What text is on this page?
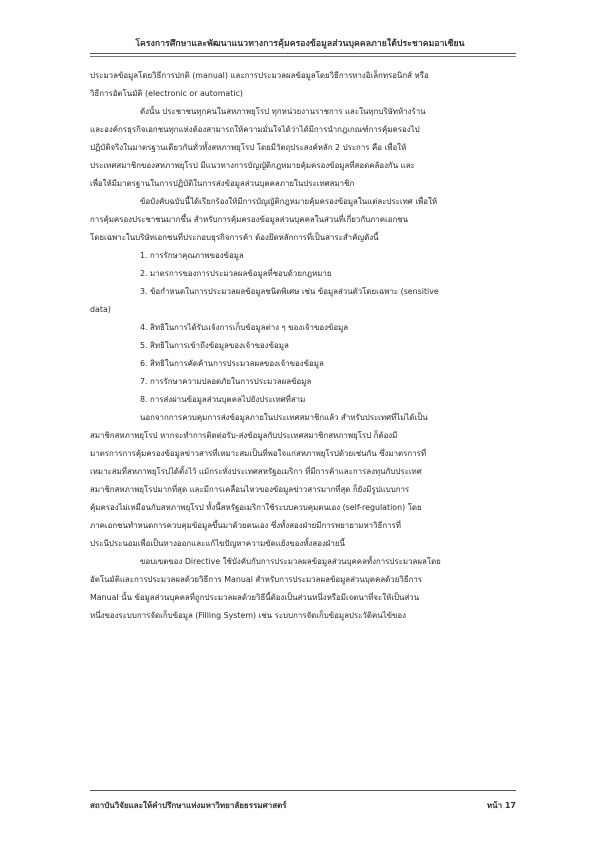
โครงการศึกษาและพัฒนาแนวทางการคุ้มครองข้อมูลส่วนบุคคลภายใต้ประชาคมอาเซียน
ประมวลข้อมูลโดยวิธีการปกติ (manual) และการประมวลผลข้อมูลโดยวิธีการทางอิเล็กทรอนิกส์ หรือ
วิธีการอัตโนมัติ (electronic or automatic)
ดังนั้น ประชาชนทุกคนในสหภาพยุโรป ทุกหน่วยงานราชการ และในทุกบริษัทห้างร้าน
และองค์กรธุรกิจเอกชนทุกแห่งต้องสามารถให้ความมั่นใจได้ว่าได้มีการนำกฎเกณฑ์การคุ้มครองไป
ปฏิบัติจริงในมาตรฐานเดียวกันทั่วทั้งสหภาพยุโรป โดยมีวัตถุประสงค์หลัก 2 ประการ คือ เพื่อให้
ประเทศสมาชิกของสหภาพยุโรป มีแนวทางการบัญญัติกฎหมายคุ้มครองข้อมูลที่สอดคล้องกัน และ
เพื่อให้มีมาตรฐานในการปฏิบัติในการส่งข้อมูลส่วนบุคคลภายในประเทศสมาชิก
ข้อบังคับฉบับนี้ได้เรียกร้องให้มีการบัญญัติกฎหมายคุ้มครองข้อมูลในแต่ละประเทศ เพื่อให้
การคุ้มครองประชาชนมากขึ้น สำหรับการคุ้มครองข้อมูลส่วนบุคคลในส่วนที่เกี่ยวกับภาคเอกชน
โดยเฉพาะในบริษัทเอกชนที่ประกอบธุรกิจการค้า ต้องยึดหลักการที่เป็นสาระสำคัญดังนี้
1. การรักษาคุณภาพของข้อมูล
2. มาตรการของการประมวลผลข้อมูลที่ชอบด้วยกฎหมาย
3. ข้อกำหนดในการประมวลผลข้อมูลชนิดพิเศษ เช่น ข้อมูลส่วนตัวโดยเฉพาะ (sensitive
data)
4. สิทธิในการได้รับแจ้งการเก็บข้อมูลต่าง ๆ ของเจ้าของข้อมูล
5. สิทธิในการเข้าถึงข้อมูลของเจ้าของข้อมูล
6. สิทธิในการคัดค้านการประมวลผลของเจ้าของข้อมูล
7. การรักษาความปลอดภัยในการประมวลผลข้อมูล
8. การส่งผ่านข้อมูลส่วนบุคคลไปยังประเทศที่สาม
นอกจากการควบคุมการส่งข้อมูลภายในประเทศสมาชิกแล้ว สำหรับประเทศที่ไม่ได้เป็น
สมาชิกสหภาพยุโรป หากจะทำการติดต่อรับ-ส่งข้อมูลกับประเทศสมาชิกสหภาพยุโรป ก็ต้องมี
มาตรการการคุ้มครองข้อมูลข่าวสารที่เหมาะสมเป็นที่พอใจแก่สหภาพยุโรปด้วยเช่นกัน ซึ่งมาตรการที่
เหมาะสมที่สหภาพยุโรปได้ตั้งไว้ แม้กระทั่งประเทศสหรัฐอเมริกา ที่มีการค้าและการลงทุนกับประเทศ
สมาชิกสหภาพยุโรปมากที่สุด และมีการเคลื่อนไหวของข้อมูลข่าวสารมากที่สุด ก็ยังมีรูปแบบการ
คุ้มครองไม่เหมือนกับสหภาพยุโรป ทั้งนี้สหรัฐอเมริกาใช้ระบบควบคุมตนเอง (self-regulation) โดย
ภาคเอกชนทำหนดการควบคุมข้อมูลขึ้นมาด้วยตนเอง ซึ่งทั้งสองฝ่ายมีการพยายามหาวิธีการที่
ประนีประนอมเพื่อเป็นทางออกและแก้ไขปัญหาความขัดแย้งของทั้งสองฝ่ายนี้
ขอบเขตของ Directive ใช้บังคับกับการประมวลผลข้อมูลส่วนบุคคลทั้งการประมวลผลโดย
อัตโนมัติและการประมวลผลด้วยวิธีการ Manual สำหรับการประมวลผลข้อมูลส่วนบุคคลด้วยวิธีการ
Manual นั้น ข้อมูลส่วนบุคคลที่ถูกประมวลผลด้วยวิธีนี้ต้องเป็นส่วนหนึ่งหรือมีเจตนาที่จะให้เป็นส่วน
หนึ่งของระบบการจัดเก็บข้อมูล (Filling System) เช่น ระบบการจัดเก็บข้อมูลประวัติคนไข้ของ
สถาบันวิจัยและให้คำปรึกษาแห่งมหาวิทยาลัยธรรมศาสตร์	หน้า 17
